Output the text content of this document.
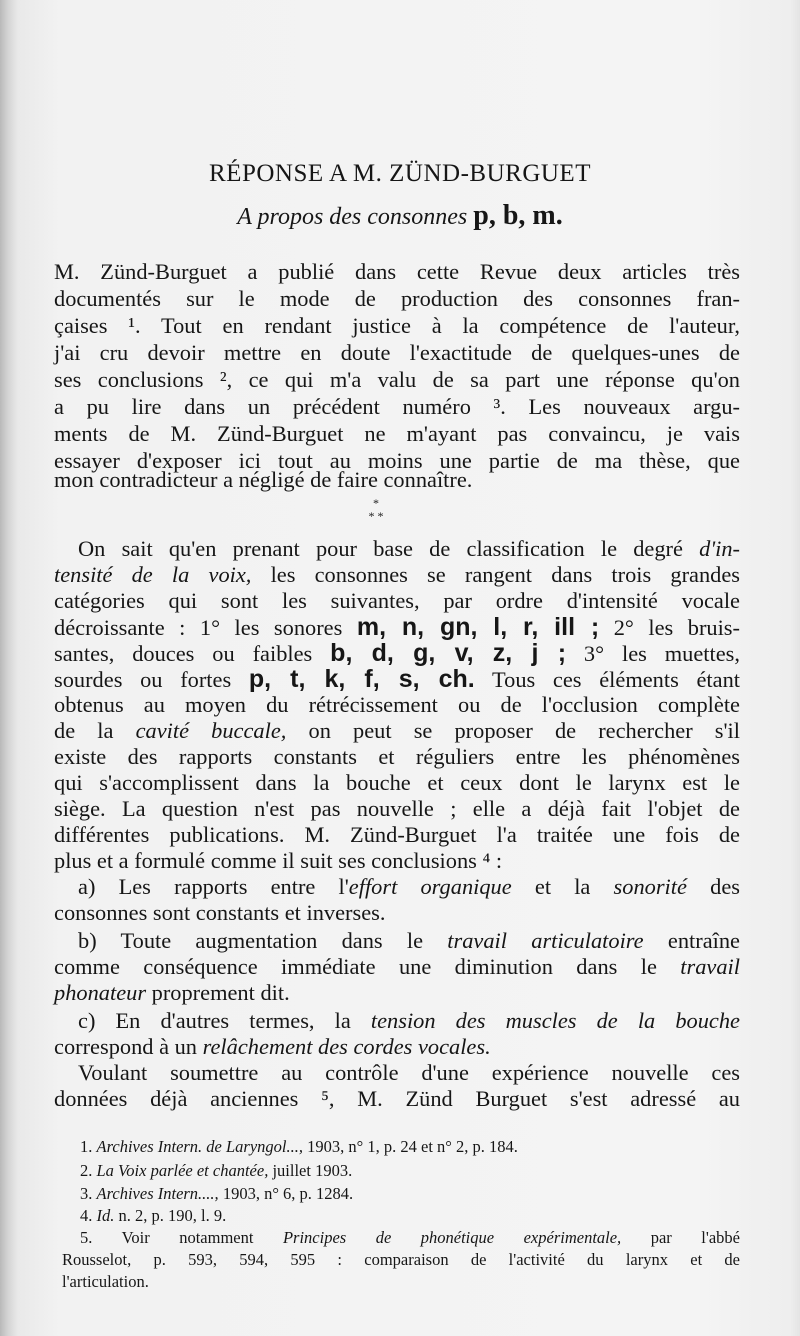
RÉPONSE A M. ZÜND-BURGUET
A propos des consonnes p, b, m.
M. Zünd-Burguet a publié dans cette Revue deux articles très
documentés sur le mode de production des consonnes fran-
çaises ¹. Tout en rendant justice à la compétence de l'auteur,
j'ai cru devoir mettre en doute l'exactitude de quelques-unes de
ses conclusions ², ce qui m'a valu de sa part une réponse qu'on
a pu lire dans un précédent numéro ³. Les nouveaux argu-
ments de M. Zünd-Burguet ne m'ayant pas convaincu, je vais
essayer d'exposer ici tout au moins une partie de ma thèse, que
mon contradicteur a négligé de faire connaître.
*
* *
On sait qu'en prenant pour base de classification le degré d'in-
tensité de la voix, les consonnes se rangent dans trois grandes
catégories qui sont les suivantes, par ordre d'intensité vocale
décroissante : 1° les sonores m, n, gn, l, r, ill ; 2° les bruis-
santes, douces ou faibles b, d, g, v, z, j ; 3° les muettes,
sourdes ou fortes p, t, k, f, s, ch. Tous ces éléments étant
obtenus au moyen du rétrécissement ou de l'occlusion complète
de la cavité buccale, on peut se proposer de rechercher s'il
existe des rapports constants et réguliers entre les phénomènes
qui s'accomplissent dans la bouche et ceux dont le larynx est le
siège. La question n'est pas nouvelle ; elle a déjà fait l'objet de
différentes publications. M. Zünd-Burguet l'a traitée une fois de
plus et a formulé comme il suit ses conclusions ⁴ :
a) Les rapports entre l'effort organique et la sonorité des
consonnes sont constants et inverses.
b) Toute augmentation dans le travail articulatoire entraîne
comme conséquence immédiate une diminution dans le travail
phonateur proprement dit.
c) En d'autres termes, la tension des muscles de la bouche
correspond à un relâchement des cordes vocales.
Voulant soumettre au contrôle d'une expérience nouvelle ces
données déjà anciennes ⁵, M. Zünd Burguet s'est adressé au
1. Archives Intern. de Laryngol..., 1903, n° 1, p. 24 et n° 2, p. 184.
2. La Voix parlée et chantée, juillet 1903.
3. Archives Intern...., 1903, n° 6, p. 1284.
4. Id. n. 2, p. 190, l. 9.
5. Voir notamment Principes de phonétique expérimentale, par l'abbé
Rousselot, p. 593, 594, 595 : comparaison de l'activité du larynx et de
l'articulation.
